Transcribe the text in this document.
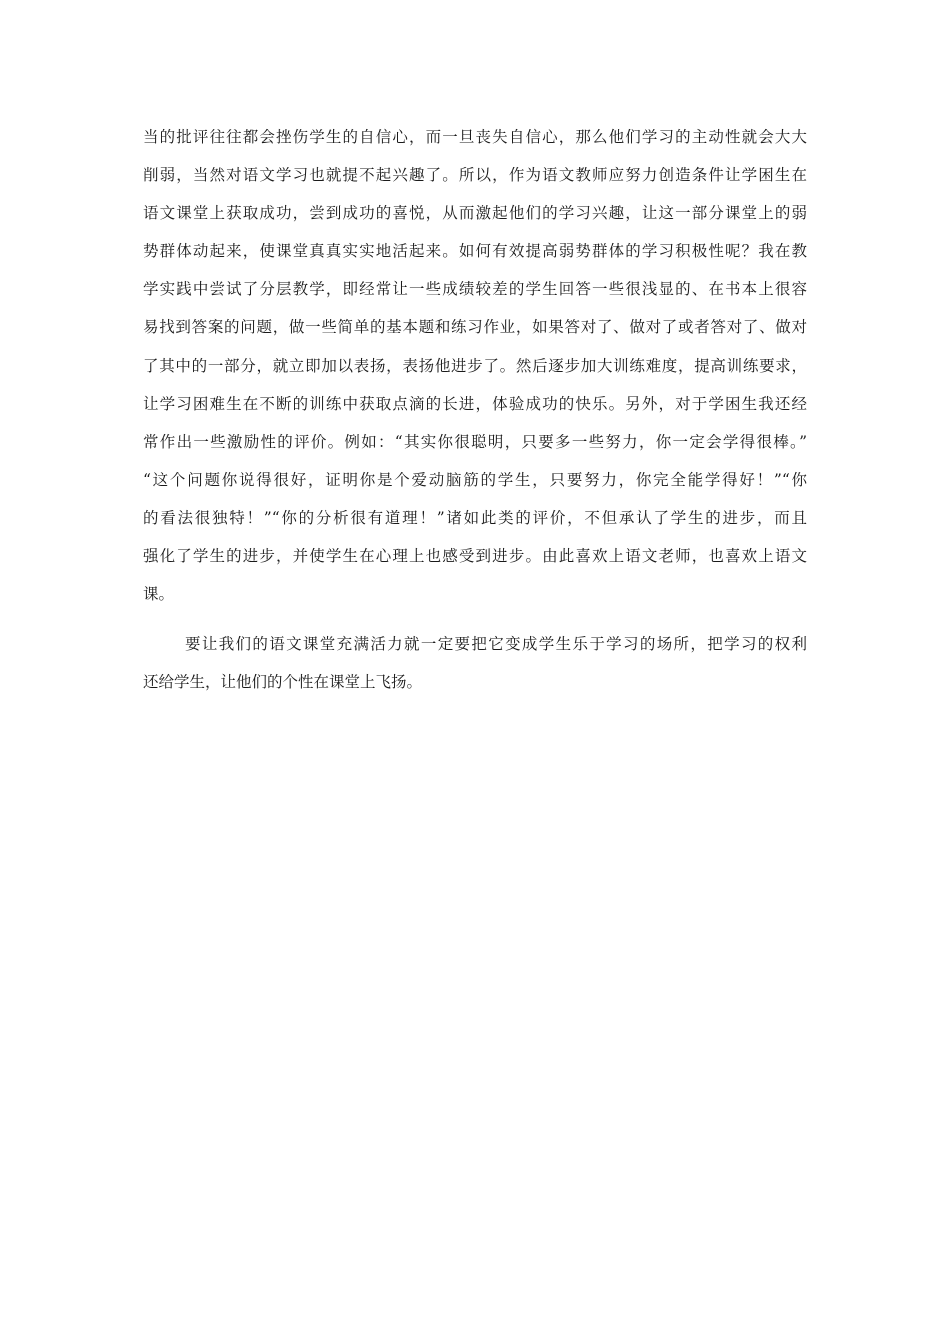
当的批评往往都会挫伤学生的自信心，而一旦丧失自信心，那么他们学习的主动性就会大大
削弱，当然对语文学习也就提不起兴趣了。所以，作为语文教师应努力创造条件让学困生在
语文课堂上获取成功，尝到成功的喜悦，从而激起他们的学习兴趣，让这一部分课堂上的弱
势群体动起来，使课堂真真实实地活起来。如何有效提高弱势群体的学习积极性呢？我在教
学实践中尝试了分层教学，即经常让一些成绩较差的学生回答一些很浅显的、在书本上很容
易找到答案的问题，做一些简单的基本题和练习作业，如果答对了、做对了或者答对了、做对
了其中的一部分，就立即加以表扬，表扬他进步了。然后逐步加大训练难度，提高训练要求，
让学习困难生在不断的训练中获取点滴的长进，体验成功的快乐。另外，对于学困生我还经
常作出一些激励性的评价。例如：“其实你很聪明，只要多一些努力，你一定会学得很棒。”
“这个问题你说得很好，证明你是个爱动脑筋的学生，只要努力，你完全能学得好！”“你
的看法很独特！”“你的分析很有道理！”诸如此类的评价，不但承认了学生的进步，而且
强化了学生的进步，并使学生在心理上也感受到进步。由此喜欢上语文老师，也喜欢上语文
课。
要让我们的语文课堂充满活力就一定要把它变成学生乐于学习的场所，把学习的权利
还给学生，让他们的个性在课堂上飞扬。
